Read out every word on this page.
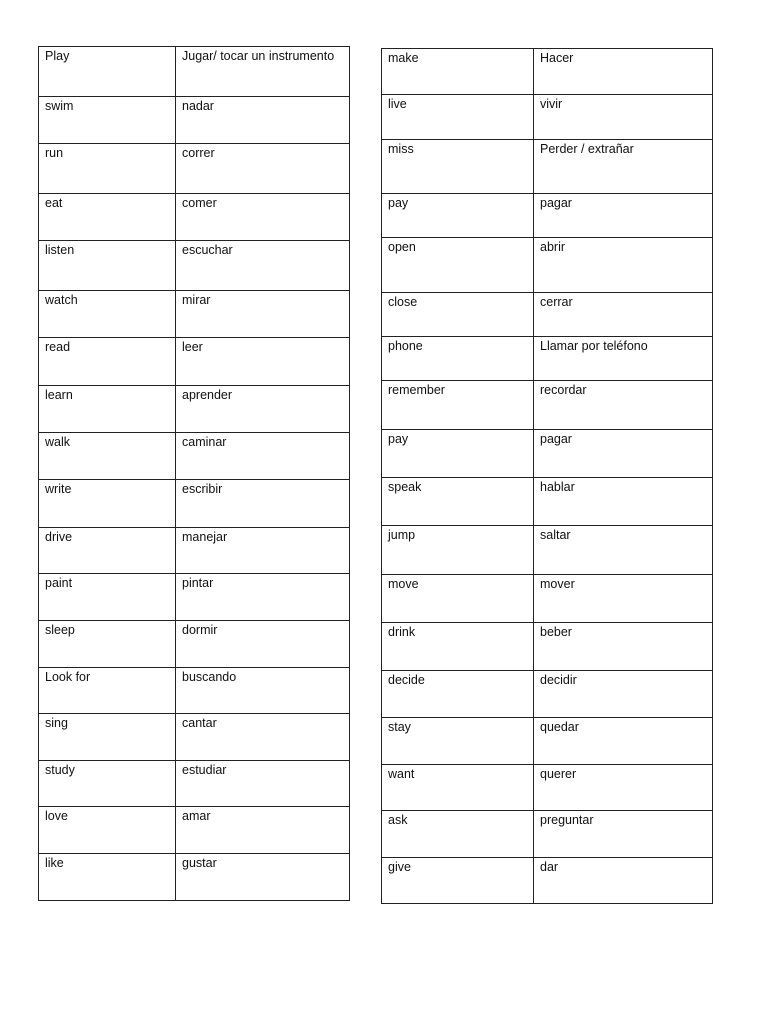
Play	Jugar/ tocar un instrumento

swim	nadar

run	correr

eat	comer

listen	escuchar

watch	mirar

read	leer

learn	aprender

walk	caminar

write	escribir

drive	manejar

paint	pintar

sleep	dormir

Look for	buscando

sing	cantar

study	estudiar

love	amar

like	gustar
make	Hacer

live	vivir

miss	Perder / extrañar

pay	pagar

open	abrir

close	cerrar

phone	Llamar por teléfono

remember	recordar

pay	pagar

speak	hablar

jump	saltar

move	mover

drink	beber

decide	decidir

stay	quedar

want	querer

ask	preguntar

give	dar
